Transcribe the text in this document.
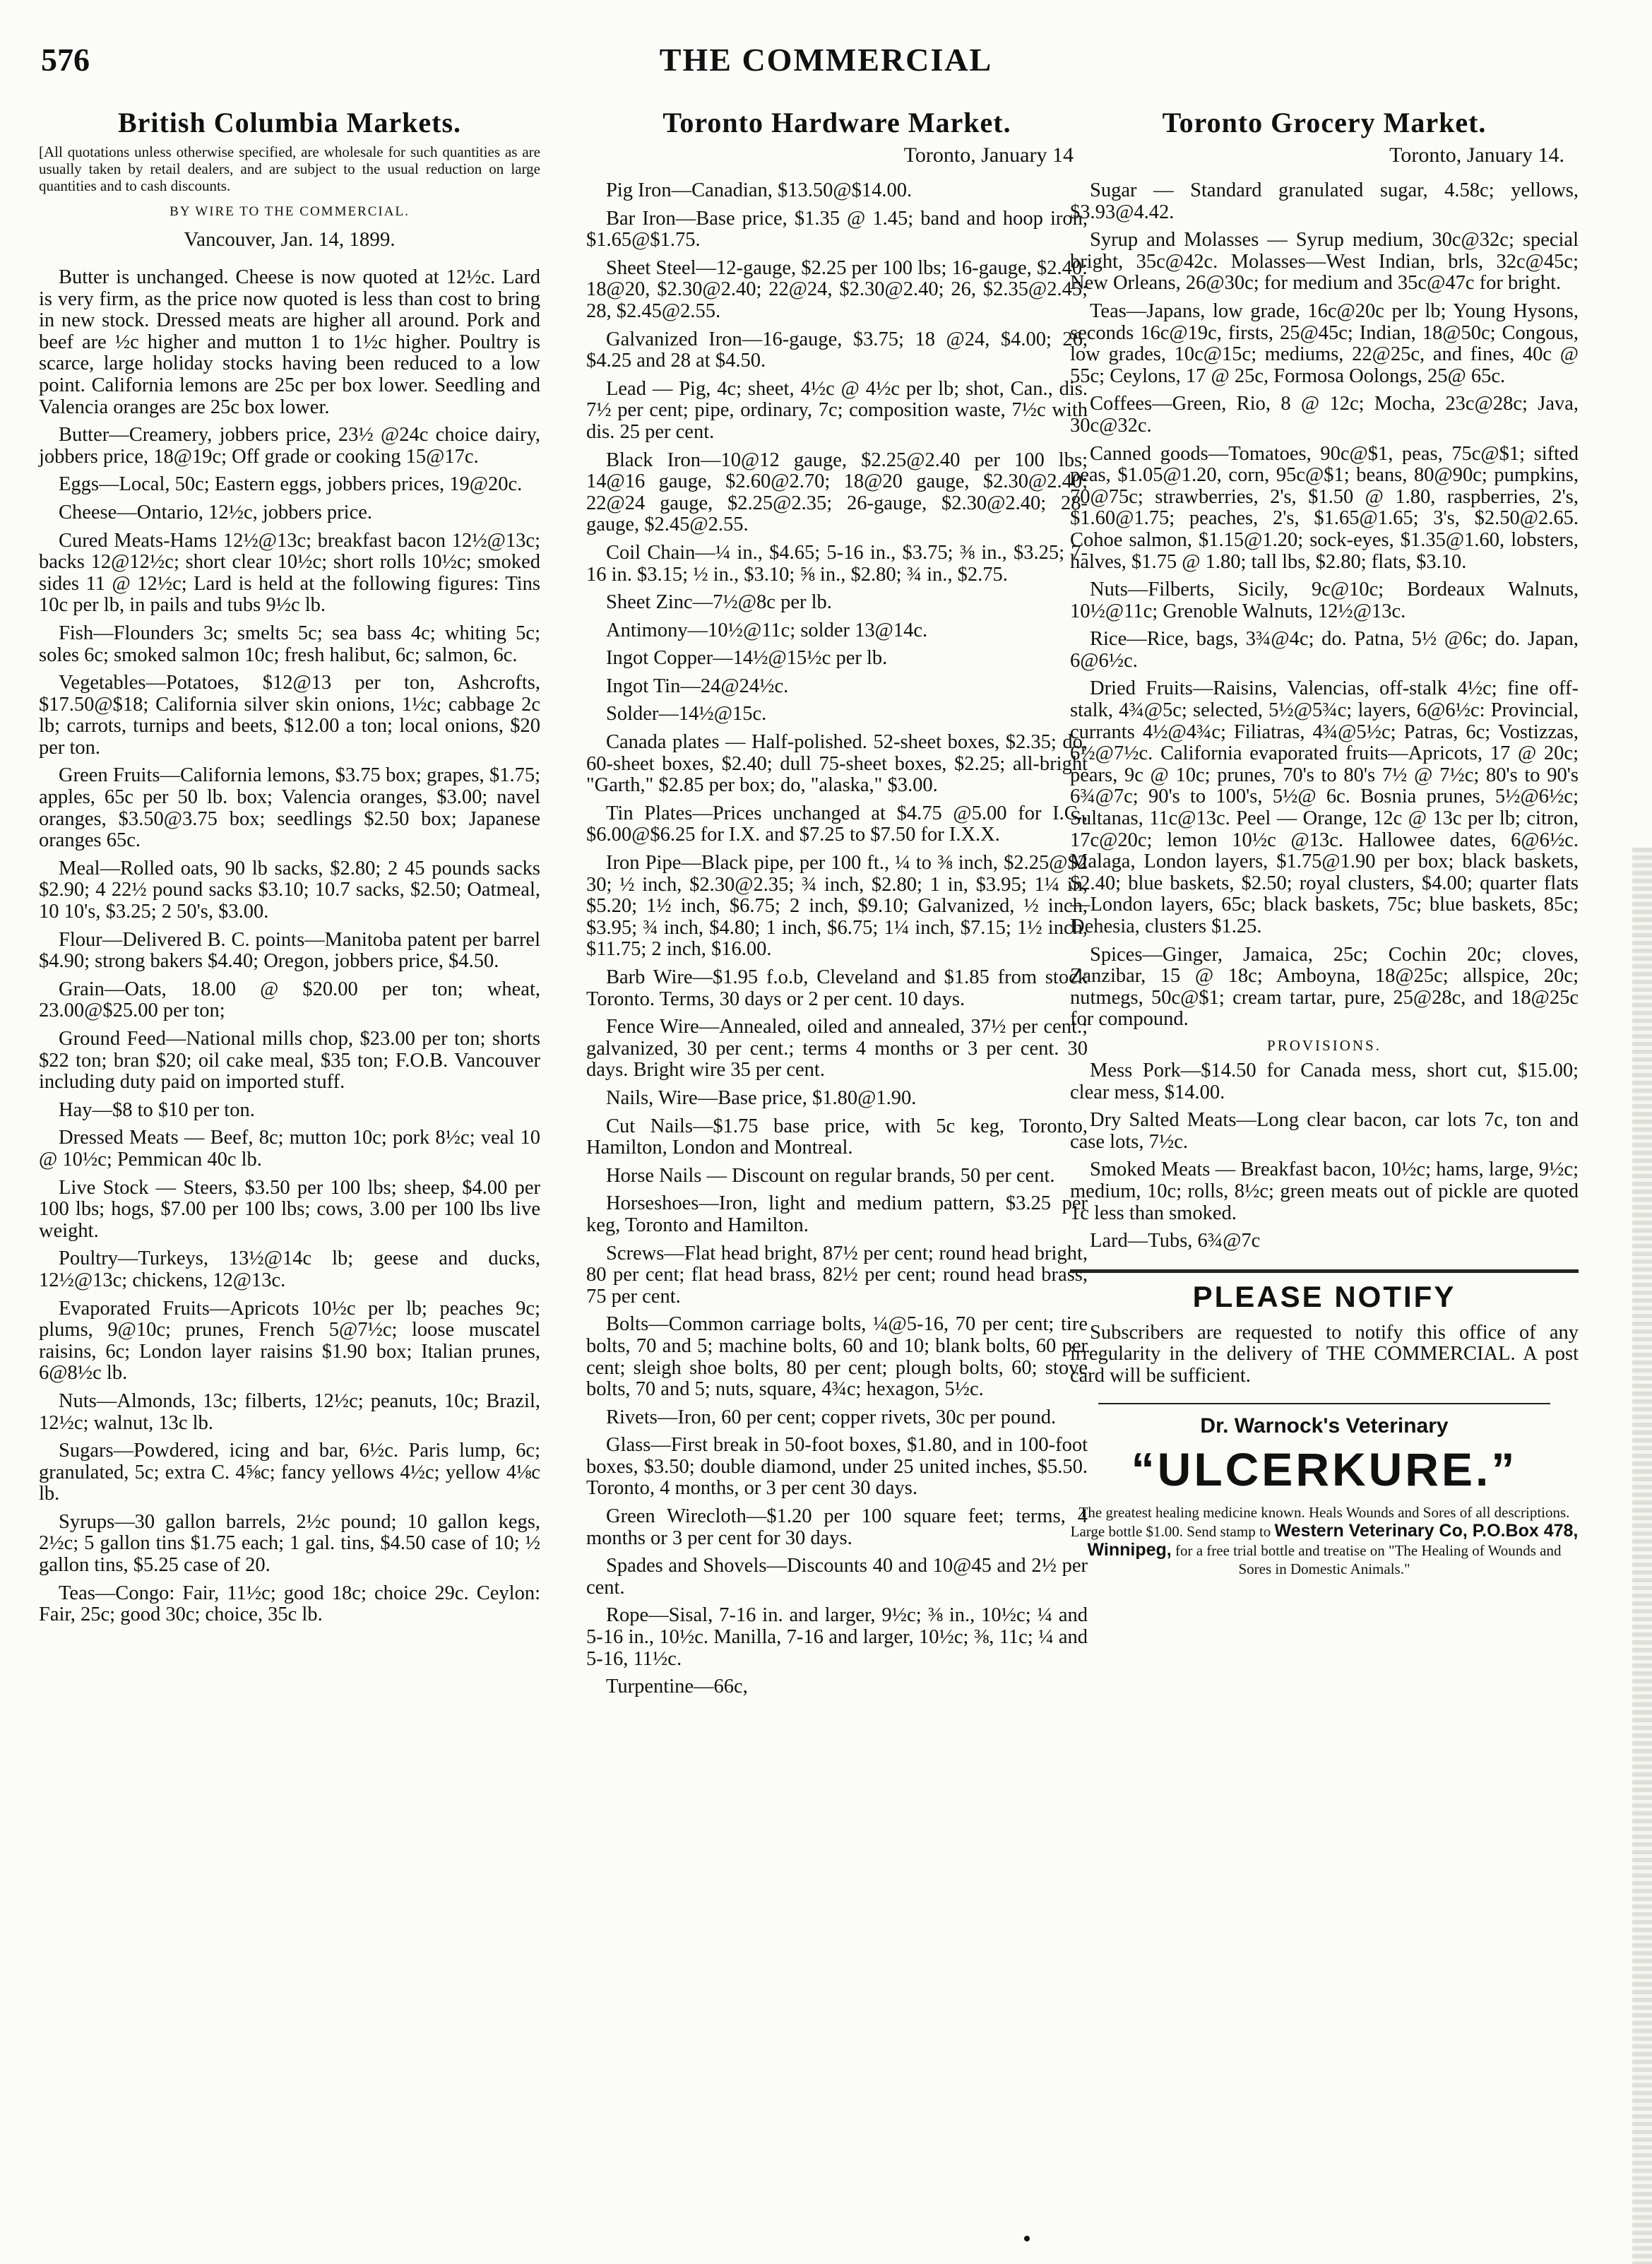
576	THE COMMERCIAL
British Columbia Markets.
[All quotations unless otherwise specified, are wholesale for such quantities as are usually taken by retail dealers, and are subject to the usual reduction on large quantities and to cash discounts.
BY WIRE TO THE COMMERCIAL.
Vancouver, Jan. 14, 1899.
Butter is unchanged. Cheese is now quoted at 12½c. Lard is very firm, as the price now quoted is less than cost to bring in new stock. Dressed meats are higher all around. Pork and beef are ½c higher and mutton 1 to 1½c higher. Poultry is scarce, large holiday stocks having been reduced to a low point. California lemons are 25c per box lower. Seedling and Valencia oranges are 25c box lower.
Butter—Creamery, jobbers price, 23½ @24c choice dairy, jobbers price, 18@19c; Off grade or cooking 15@17c.
Eggs—Local, 50c; Eastern eggs, jobbers prices, 19@20c.
Cheese—Ontario, 12½c, jobbers price.
Cured Meats-Hams 12½@13c; breakfast bacon 12½@13c; backs 12@12½c; short clear 10½c; short rolls 10½c; smoked sides 11 @ 12½c; Lard is held at the following figures: Tins 10c per lb, in pails and tubs 9½c lb.
Fish—Flounders 3c; smelts 5c; sea bass 4c; whiting 5c; soles 6c; smoked salmon 10c; fresh halibut, 6c; salmon, 6c.
Vegetables—Potatoes, $12@13 per ton, Ashcrofts, $17.50@$18; California silver skin onions, 1½c; cabbage 2c lb; carrots, turnips and beets, $12.00 a ton; local onions, $20 per ton.
Green Fruits—California lemons, $3.75 box; grapes, $1.75; apples, 65c per 50 lb. box; Valencia oranges, $3.00; navel oranges, $3.50@3.75 box; seedlings $2.50 box; Japanese oranges 65c.
Meal—Rolled oats, 90 lb sacks, $2.80; 2 45 pounds sacks $2.90; 4 22½ pound sacks $3.10; 10.7 sacks, $2.50; Oatmeal, 10 10's, $3.25; 2 50's, $3.00.
Flour—Delivered B. C. points—Manitoba patent per barrel $4.90; strong bakers $4.40; Oregon, jobbers price, $4.50.
Grain—Oats, 18.00 @ $20.00 per ton; wheat, 23.00@$25.00 per ton;
Ground Feed—National mills chop, $23.00 per ton; shorts $22 ton; bran $20; oil cake meal, $35 ton; F.O.B. Vancouver including duty paid on imported stuff.
Hay—$8 to $10 per ton.
Dressed Meats — Beef, 8c; mutton 10c; pork 8½c; veal 10 @ 10½c; Pemmican 40c lb.
Live Stock — Steers, $3.50 per 100 lbs; sheep, $4.00 per 100 lbs; hogs, $7.00 per 100 lbs; cows, 3.00 per 100 lbs live weight.
Poultry—Turkeys, 13½@14c lb; geese and ducks, 12½@13c; chickens, 12@13c.
Evaporated Fruits—Apricots 10½c per lb; peaches 9c; plums, 9@10c; prunes, French 5@7½c; loose muscatel raisins, 6c; London layer raisins $1.90 box; Italian prunes, 6@8½c lb.
Nuts—Almonds, 13c; filberts, 12½c; peanuts, 10c; Brazil, 12½c; walnut, 13c lb.
Sugars—Powdered, icing and bar, 6½c. Paris lump, 6c; granulated, 5c; extra C. 4⅝c; fancy yellows 4½c; yellow 4⅛c lb.
Syrups—30 gallon barrels, 2½c pound; 10 gallon kegs, 2½c; 5 gallon tins $1.75 each; 1 gal. tins, $4.50 case of 10; ½ gallon tins, $5.25 case of 20.
Teas—Congo: Fair, 11½c; good 18c; choice 29c. Ceylon: Fair, 25c; good 30c; choice, 35c lb.
Toronto Hardware Market.
Toronto, January 14
Pig Iron—Canadian, $13.50@$14.00.
Bar Iron—Base price, $1.35 @ 1.45; band and hoop iron, $1.65@$1.75.
Sheet Steel—12-gauge, $2.25 per 100 lbs; 16-gauge, $2.40: 18@20, $2.30@2.40; 22@24, $2.30@2.40; 26, $2.35@2.45; 28, $2.45@2.55.
Galvanized Iron—16-gauge, $3.75; 18 @24, $4.00; 26, $4.25 and 28 at $4.50.
Lead — Pig, 4c; sheet, 4½c @ 4½c per lb; shot, Can., dis. 7½ per cent; pipe, ordinary, 7c; composition waste, 7½c with dis. 25 per cent.
Black Iron—10@12 gauge, $2.25@2.40 per 100 lbs; 14@16 gauge, $2.60@2.70; 18@20 gauge, $2.30@2.40; 22@24 gauge, $2.25@2.35; 26-gauge, $2.30@2.40; 28-gauge, $2.45@2.55.
Coil Chain—¼ in., $4.65; 5-16 in., $3.75; ⅜ in., $3.25; 7-16 in. $3.15; ½ in., $3.10; ⅝ in., $2.80; ¾ in., $2.75.
Sheet Zinc—7½@8c per lb.
Antimony—10½@11c; solder 13@14c.
Ingot Copper—14½@15½c per lb.
Ingot Tin—24@24½c.
Solder—14½@15c.
Canada plates — Half-polished. 52-sheet boxes, $2.35; do, 60-sheet boxes, $2.40; dull 75-sheet boxes, $2.25; all-bright "Garth," $2.85 per box; do, "alaska," $3.00.
Tin Plates—Prices unchanged at $4.75 @5.00 for I.C., $6.00@$6.25 for I.X. and $7.25 to $7.50 for I.X.X.
Iron Pipe—Black pipe, per 100 ft., ¼ to ⅜ inch, $2.25@$2 30; ½ inch, $2.30@2.35; ¾ inch, $2.80; 1 in, $3.95; 1¼ in, $5.20; 1½ inch, $6.75; 2 inch, $9.10; Galvanized, ½ inch, $3.95; ¾ inch, $4.80; 1 inch, $6.75; 1¼ inch, $7.15; 1½ inch, $11.75; 2 inch, $16.00.
Barb Wire—$1.95 f.o.b, Cleveland and $1.85 from stock Toronto. Terms, 30 days or 2 per cent. 10 days.
Fence Wire—Annealed, oiled and annealed, 37½ per cent.; galvanized, 30 per cent.; terms 4 months or 3 per cent. 30 days. Bright wire 35 per cent.
Nails, Wire—Base price, $1.80@1.90.
Cut Nails—$1.75 base price, with 5c keg, Toronto, Hamilton, London and Montreal.
Horse Nails — Discount on regular brands, 50 per cent.
Horseshoes—Iron, light and medium pattern, $3.25 per keg, Toronto and Hamilton.
Screws—Flat head bright, 87½ per cent; round head bright, 80 per cent; flat head brass, 82½ per cent; round head brass, 75 per cent.
Bolts—Common carriage bolts, ¼@5-16, 70 per cent; tire bolts, 70 and 5; machine bolts, 60 and 10; blank bolts, 60 per cent; sleigh shoe bolts, 80 per cent; plough bolts, 60; stove bolts, 70 and 5; nuts, square, 4¾c; hexagon, 5½c.
Rivets—Iron, 60 per cent; copper rivets, 30c per pound.
Glass—First break in 50-foot boxes, $1.80, and in 100-foot boxes, $3.50; double diamond, under 25 united inches, $5.50. Toronto, 4 months, or 3 per cent 30 days.
Green Wirecloth—$1.20 per 100 square feet; terms, 4 months or 3 per cent for 30 days.
Spades and Shovels—Discounts 40 and 10@45 and 2½ per cent.
Rope—Sisal, 7-16 in. and larger, 9½c; ⅜ in., 10½c; ¼ and 5-16 in., 10½c. Manilla, 7-16 and larger, 10½c; ⅜, 11c; ¼ and 5-16, 11½c.
Turpentine—66c,
Toronto Grocery Market.
Toronto, January 14.
Sugar — Standard granulated sugar, 4.58c; yellows, $3.93@4.42.
Syrup and Molasses — Syrup medium, 30c@32c; special bright, 35c@42c. Molasses—West Indian, brls, 32c@45c; New Orleans, 26@30c; for medium and 35c@47c for bright.
Teas—Japans, low grade, 16c@20c per lb; Young Hysons, seconds 16c@19c, firsts, 25@45c; Indian, 18@50c; Congous, low grades, 10c@15c; mediums, 22@25c, and fines, 40c @ 55c; Ceylons, 17 @ 25c, Formosa Oolongs, 25@ 65c.
Coffees—Green, Rio, 8 @ 12c; Mocha, 23c@28c; Java, 30c@32c.
Canned goods—Tomatoes, 90c@$1, peas, 75c@$1; sifted peas, $1.05@1.20, corn, 95c@$1; beans, 80@90c; pumpkins, 70@75c; strawberries, 2's, $1.50 @ 1.80, raspberries, 2's, $1.60@1.75; peaches, 2's, $1.65@1.65; 3's, $2.50@2.65. Cohoe salmon, $1.15@1.20; sock-eyes, $1.35@1.60, lobsters, halves, $1.75 @ 1.80; tall lbs, $2.80; flats, $3.10.
Nuts—Filberts, Sicily, 9c@10c; Bordeaux Walnuts, 10½@11c; Grenoble Walnuts, 12½@13c.
Rice—Rice, bags, 3¾@4c; do. Patna, 5½ @6c; do. Japan, 6@6½c.
Dried Fruits—Raisins, Valencias, off-stalk 4½c; fine off-stalk, 4¾@5c; selected, 5½@5¾c; layers, 6@6½c: Provincial, currants 4½@4¾c; Filiatras, 4¾@5½c; Patras, 6c; Vostizzas, 6½@7½c. California evaporated fruits—Apricots, 17 @ 20c; pears, 9c @ 10c; prunes, 70's to 80's 7½ @ 7½c; 80's to 90's 6¾@7c; 90's to 100's, 5½@ 6c. Bosnia prunes, 5½@6½c; Sultanas, 11c@13c. Peel — Orange, 12c @ 13c per lb; citron, 17c@20c; lemon 10½c @13c. Hallowee dates, 6@6½c. Malaga, London layers, $1.75@1.90 per box; black baskets, $2.40; blue baskets, $2.50; royal clusters, $4.00; quarter flats—London layers, 65c; black baskets, 75c; blue baskets, 85c; Dehesia, clusters $1.25.
Spices—Ginger, Jamaica, 25c; Cochin 20c; cloves, Zanzibar, 15 @ 18c; Amboyna, 18@25c; allspice, 20c; nutmegs, 50c@$1; cream tartar, pure, 25@28c, and 18@25c for compound.
PROVISIONS.
Mess Pork—$14.50 for Canada mess, short cut, $15.00; clear mess, $14.00.
Dry Salted Meats—Long clear bacon, car lots 7c, ton and case lots, 7½c.
Smoked Meats — Breakfast bacon, 10½c; hams, large, 9½c; medium, 10c; rolls, 8½c; green meats out of pickle are quoted 1c less than smoked.
Lard—Tubs, 6¾@7c
PLEASE NOTIFY
Subscribers are requested to notify this office of any irregularity in the delivery of THE COMMERCIAL. A post card will be sufficient.
Dr. Warnock's Veterinary
“ULCERKURE.”

The greatest healing medicine known. Heals Wounds and Sores of all descriptions. Large bottle $1.00. Send stamp to Western Veterinary Co, P.O.Box 478, Winnipeg, for a free trial bottle and treatise on "The Healing of Wounds and Sores in Domestic Animals."
